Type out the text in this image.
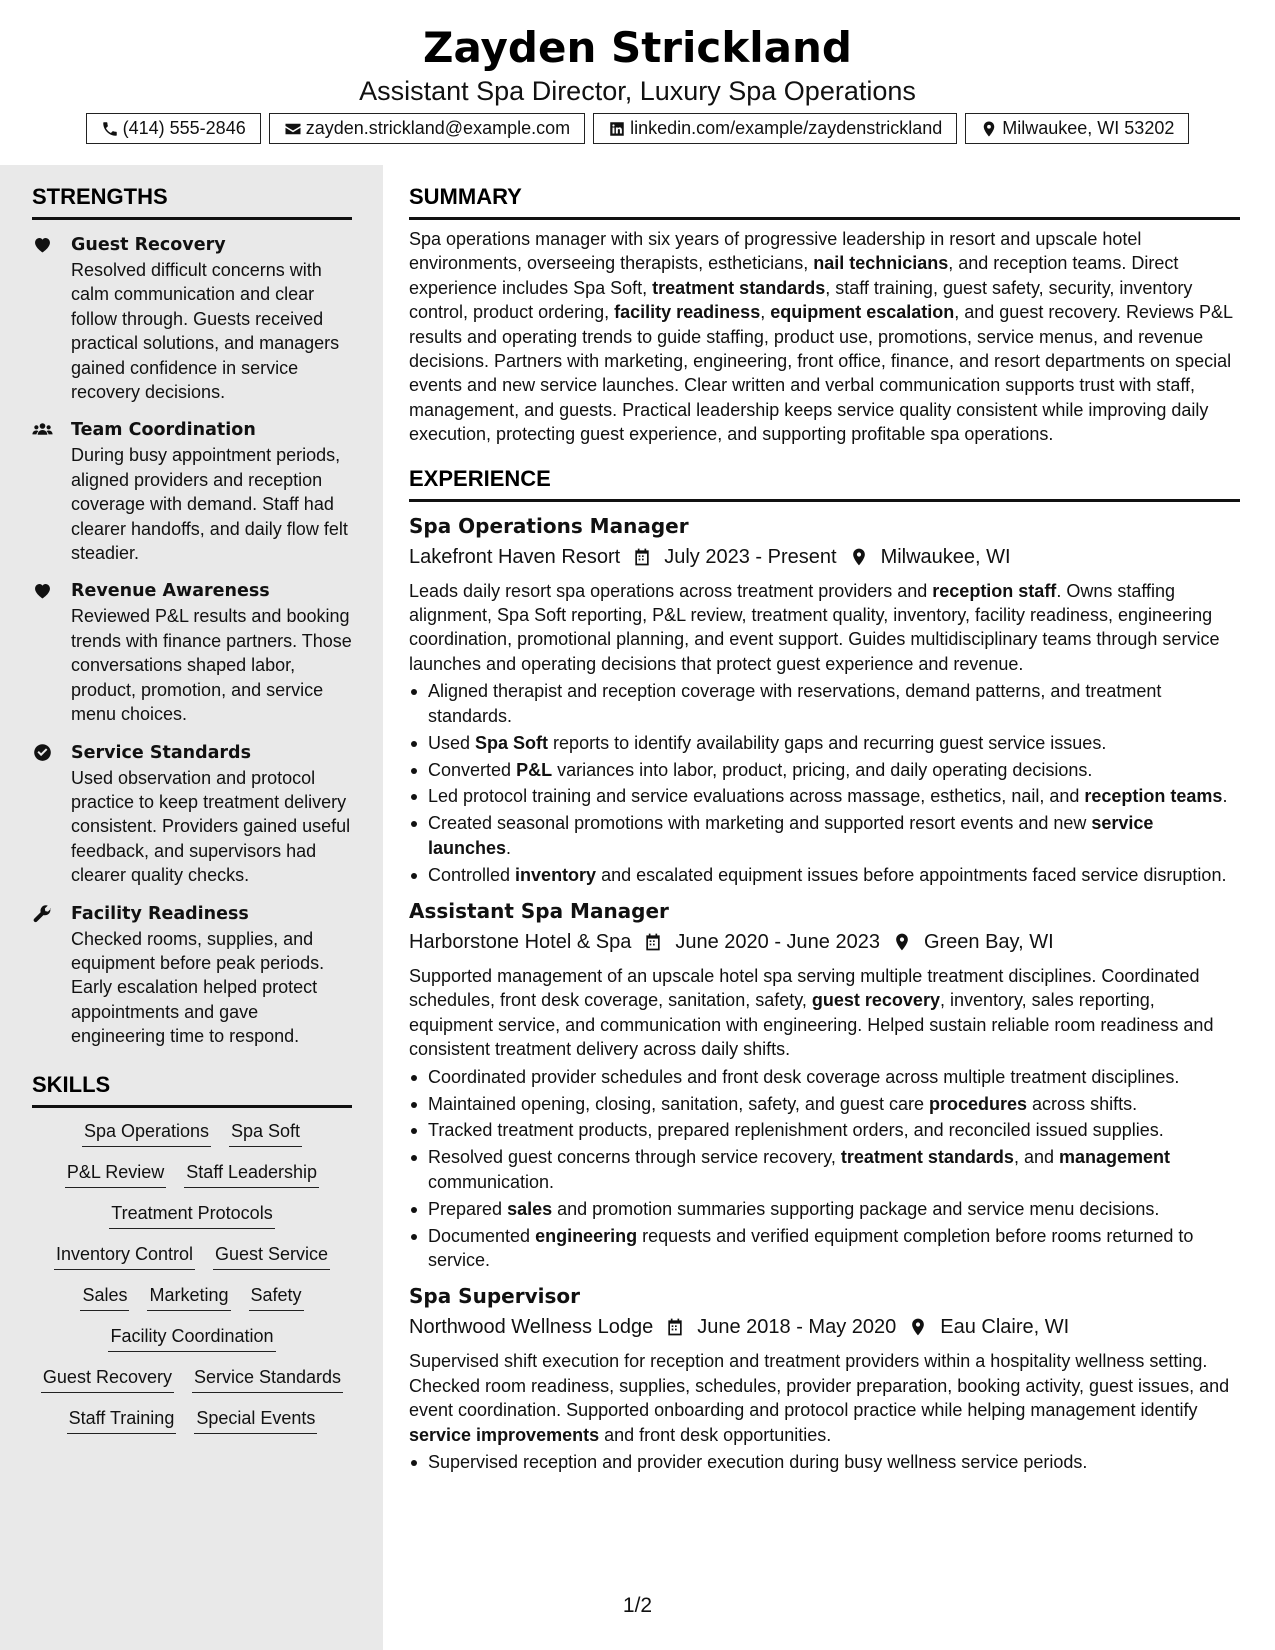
Zayden Strickland
Assistant Spa Director, Luxury Spa Operations
(414) 555-2846	zayden.strickland@example.com	linkedin.com/example/zaydenstrickland	Milwaukee, WI 53202
STRENGTHS
Guest Recovery
Resolved difficult concerns with calm communication and clear follow through. Guests received practical solutions, and managers gained confidence in service recovery decisions.
Team Coordination
During busy appointment periods, aligned providers and reception coverage with demand. Staff had clearer handoffs, and daily flow felt steadier.
Revenue Awareness
Reviewed P&L results and booking trends with finance partners. Those conversations shaped labor, product, promotion, and service menu choices.
Service Standards
Used observation and protocol practice to keep treatment delivery consistent. Providers gained useful feedback, and supervisors had clearer quality checks.
Facility Readiness
Checked rooms, supplies, and equipment before peak periods. Early escalation helped protect appointments and gave engineering time to respond.
SKILLS
Spa Operations Spa Soft
P&L Review Staff Leadership
Treatment Protocols
Inventory Control Guest Service
Sales Marketing Safety
Facility Coordination
Guest Recovery Service Standards
Staff Training Special Events
SUMMARY

Spa operations manager with six years of progressive leadership in resort and upscale hotel environments, overseeing therapists, estheticians, nail technicians, and reception teams. Direct experience includes Spa Soft, treatment standards, staff training, guest safety, security, inventory control, product ordering, facility readiness, equipment escalation, and guest recovery. Reviews P&L results and operating trends to guide staffing, product use, promotions, service menus, and revenue decisions. Partners with marketing, engineering, front office, finance, and resort departments on special events and new service launches. Clear written and verbal communication supports trust with staff, management, and guests. Practical leadership keeps service quality consistent while improving daily execution, protecting guest experience, and supporting profitable spa operations.

EXPERIENCE
Spa Operations Manager
Lakefront Haven Resort July 2023 - Present Milwaukee, WI

Leads daily resort spa operations across treatment providers and reception staff. Owns staffing alignment, Spa Soft reporting, P&L review, treatment quality, inventory, facility readiness, engineering coordination, promotional planning, and event support. Guides multidisciplinary teams through service launches and operating decisions that protect guest experience and revenue.

Aligned therapist and reception coverage with reservations, demand patterns, and treatment standards.
Used Spa Soft reports to identify availability gaps and recurring guest service issues.
Converted P&L variances into labor, product, pricing, and daily operating decisions.
Led protocol training and service evaluations across massage, esthetics, nail, and reception teams.
Created seasonal promotions with marketing and supported resort events and new service launches.
Controlled inventory and escalated equipment issues before appointments faced service disruption.
Assistant Spa Manager
Harborstone Hotel & Spa June 2020 - June 2023 Green Bay, WI

Supported management of an upscale hotel spa serving multiple treatment disciplines. Coordinated schedules, front desk coverage, sanitation, safety, guest recovery, inventory, sales reporting, equipment service, and communication with engineering. Helped sustain reliable room readiness and consistent treatment delivery across daily shifts.

Coordinated provider schedules and front desk coverage across multiple treatment disciplines.
Maintained opening, closing, sanitation, safety, and guest care procedures across shifts.
Tracked treatment products, prepared replenishment orders, and reconciled issued supplies.
Resolved guest concerns through service recovery, treatment standards, and management communication.
Prepared sales and promotion summaries supporting package and service menu decisions.
Documented engineering requests and verified equipment completion before rooms returned to service.
Spa Supervisor
Northwood Wellness Lodge June 2018 - May 2020 Eau Claire, WI

Supervised shift execution for reception and treatment providers within a hospitality wellness setting. Checked room readiness, supplies, schedules, provider preparation, booking activity, guest issues, and event coordination. Supported onboarding and protocol practice while helping management identify service improvements and front desk opportunities.

Supervised reception and provider execution during busy wellness service periods.
1/2
